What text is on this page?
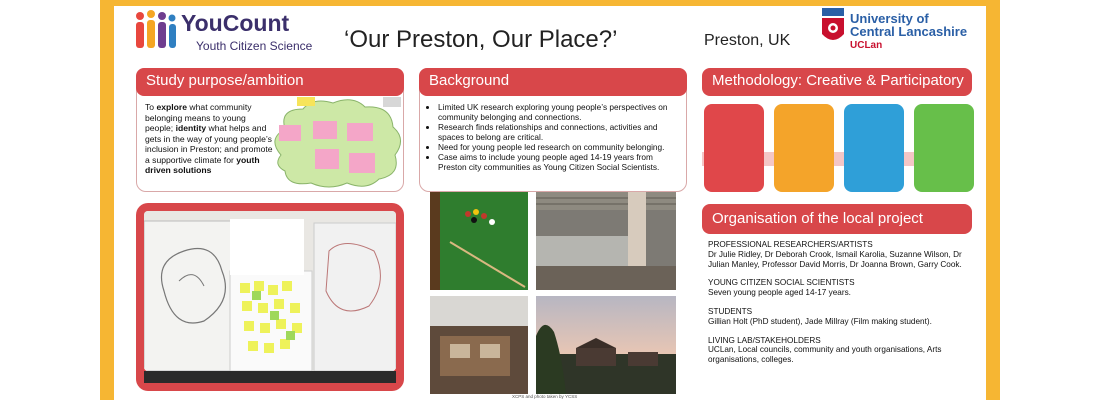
YouCount
Youth Citizen Science ‘Our Preston, Our Place?’	Preston, UK
University of
Central Lancashire
UCLan
Study purpose/ambition
To explore what community belonging means to young people; identity what helps and gets in the way of young people’s inclusion in Preston; and promote a supportive climate for youth driven solutions
Background
• Limited UK research exploring young people’s perspectives on community belonging and connections.
• Research finds relationships and connections, activities and spaces to belong are critical.
• Need for young people led research on community belonging.
• Case aims to include young people aged 14-19 years from Preston city communities as Young Citizen Social Scientists.
Methodology: Creative & Participatory
XCPS and photo taken by YCSS
Organisation of the local project
PROFESSIONAL RESEARCHERS/ARTISTS
Dr Julie Ridley, Dr Deborah Crook, Ismail Karolia, Suzanne Wilson, Dr Julian Manley, Professor David Morris, Dr Joanna Brown, Garry Cook.
YOUNG CITIZEN SOCIAL SCIENTISTS
Seven young people aged 14-17 years.
STUDENTS
Gillian Holt (PhD student), Jade Millray (Film making student).
LIVING LAB/STAKEHOLDERS
UCLan, Local councils, community and youth organisations, Arts organisations, colleges.
